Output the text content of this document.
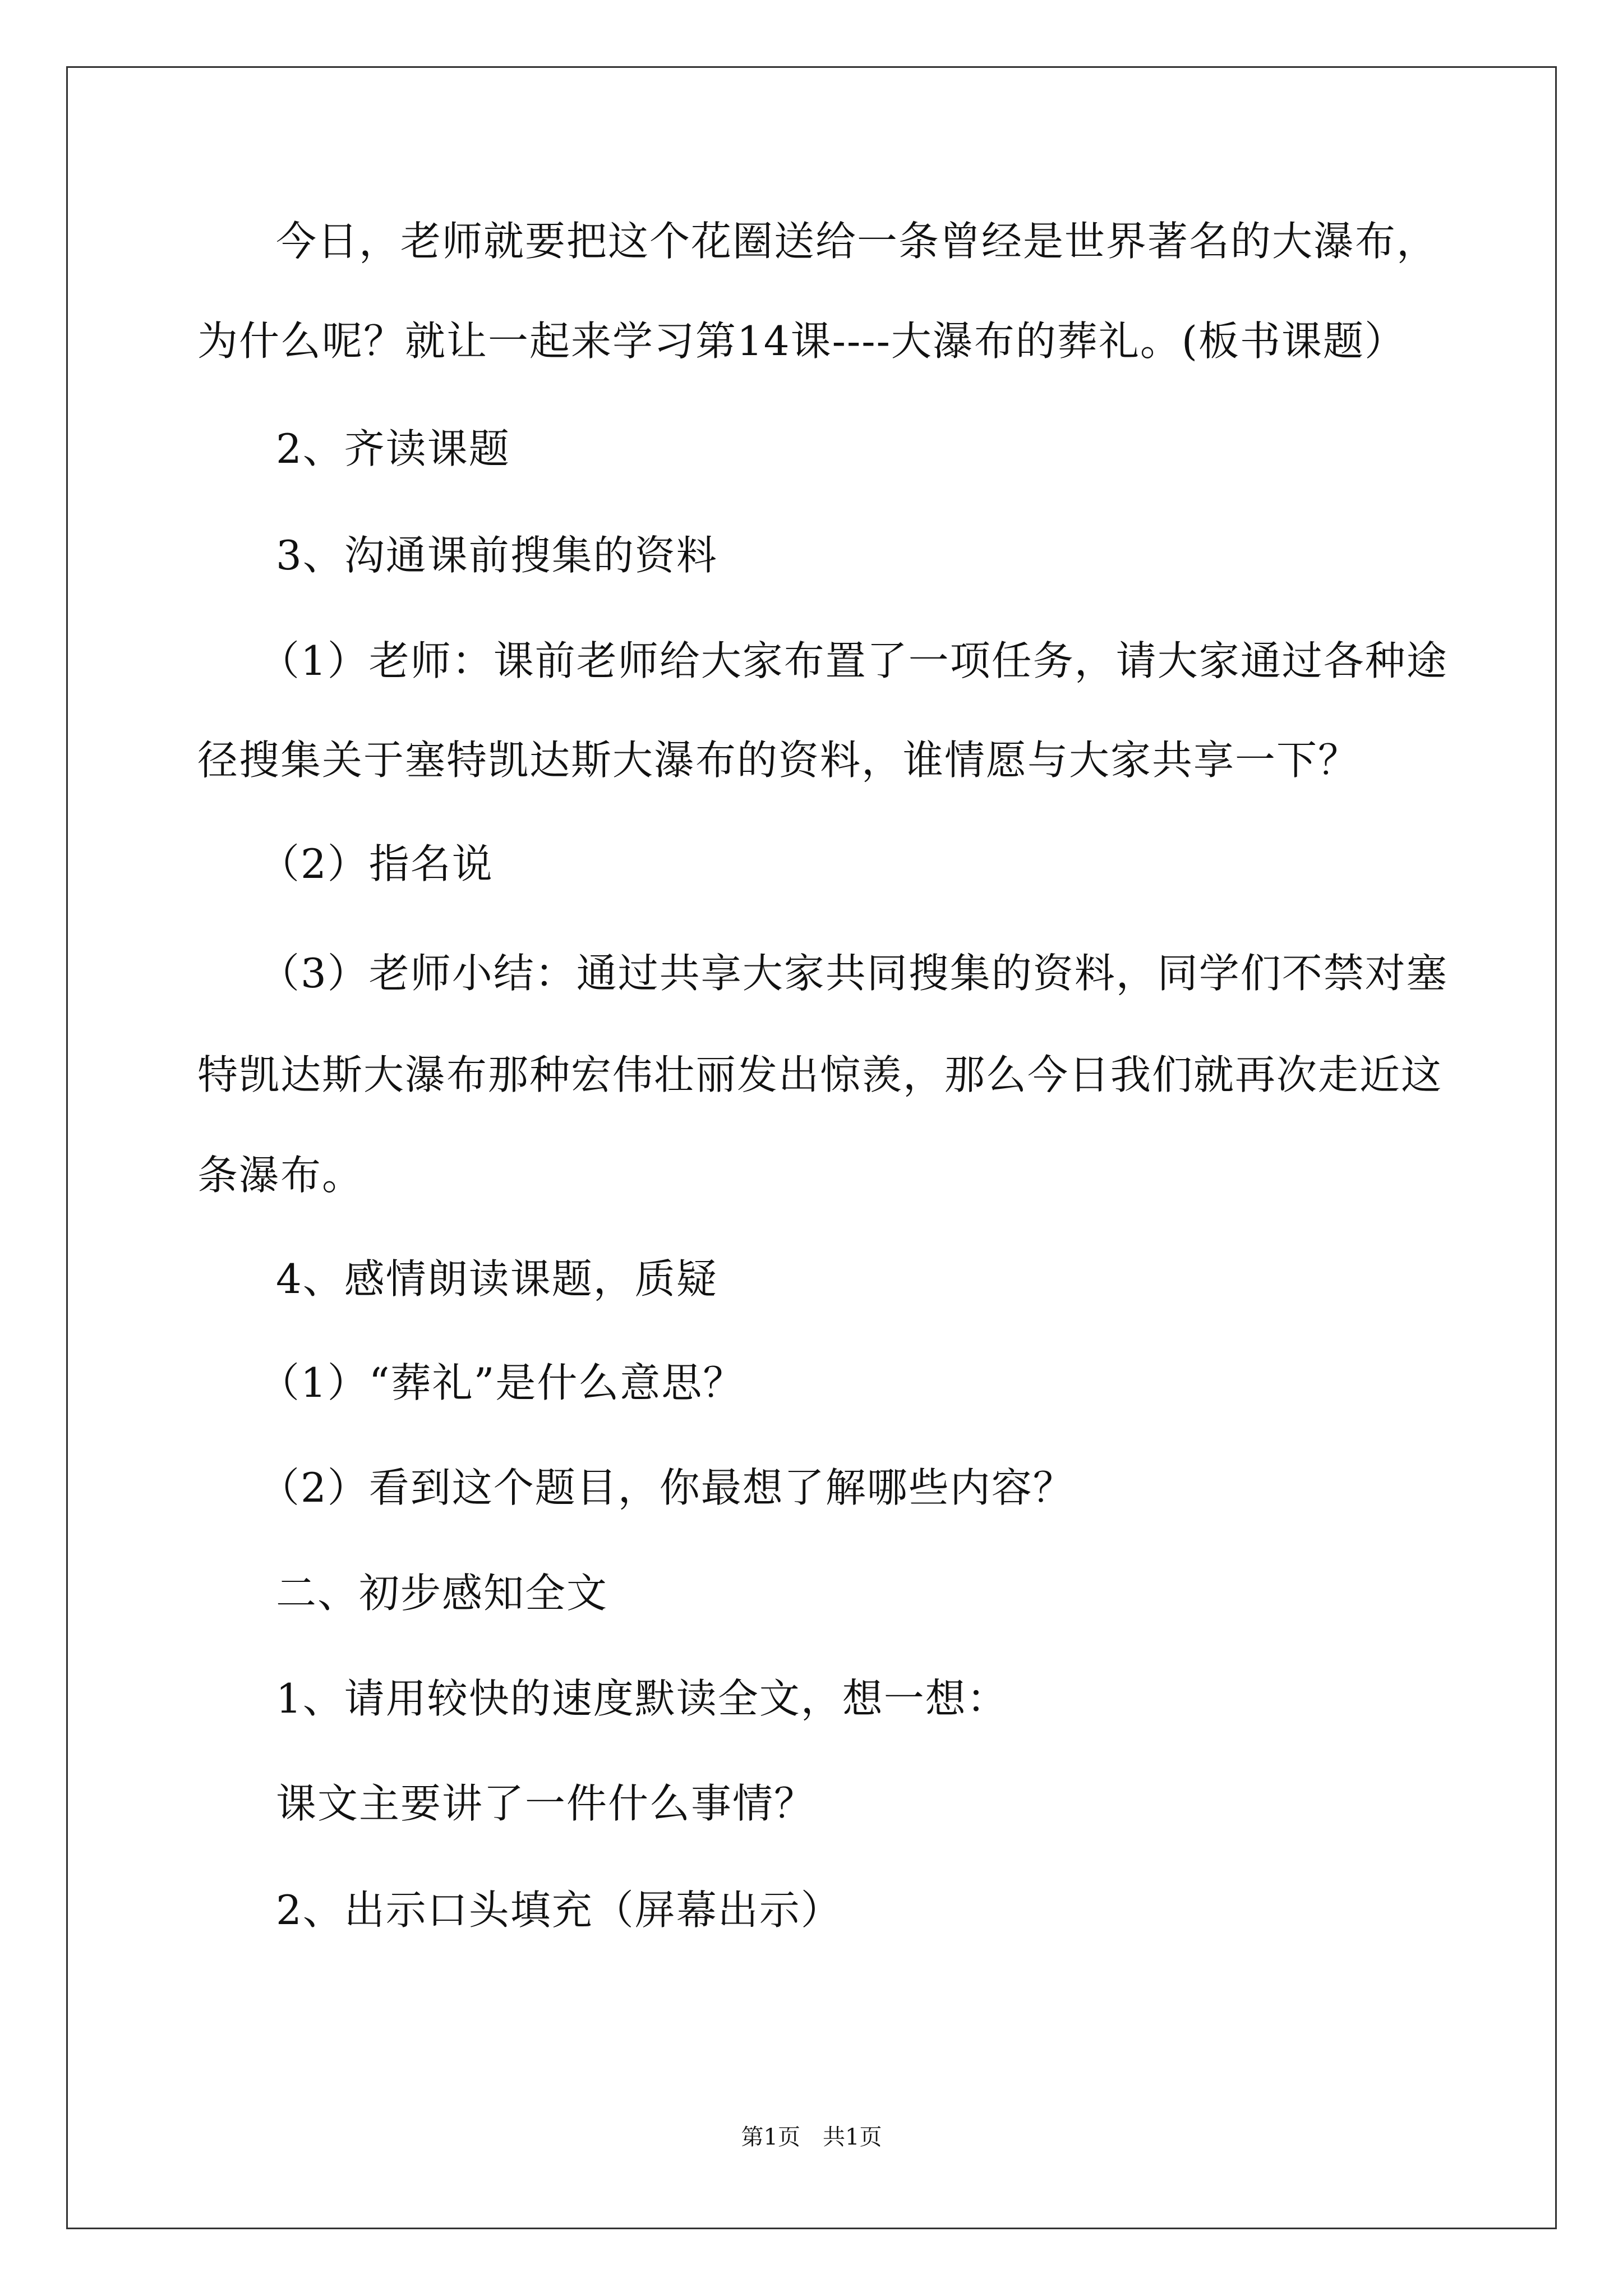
今日，老师就要把这个花圈送给一条曾经是世界著名的大瀑布，
为什么呢？就让一起来学习第14课----大瀑布的葬礼。(板书课题）
2、齐读课题
3、沟通课前搜集的资料
（1）老师：课前老师给大家布置了一项任务，请大家通过各种途
径搜集关于塞特凯达斯大瀑布的资料，谁情愿与大家共享一下？
（2）指名说
（3）老师小结：通过共享大家共同搜集的资料，同学们不禁对塞
特凯达斯大瀑布那种宏伟壮丽发出惊羡，那么今日我们就再次走近这
条瀑布。
4、感情朗读课题，质疑
（1）“葬礼”是什么意思？
（2）看到这个题目，你最想了解哪些内容？
二、初步感知全文
1、请用较快的速度默读全文，想一想：
课文主要讲了一件什么事情？
2、出示口头填充（屏幕出示）
第1页　共1页
